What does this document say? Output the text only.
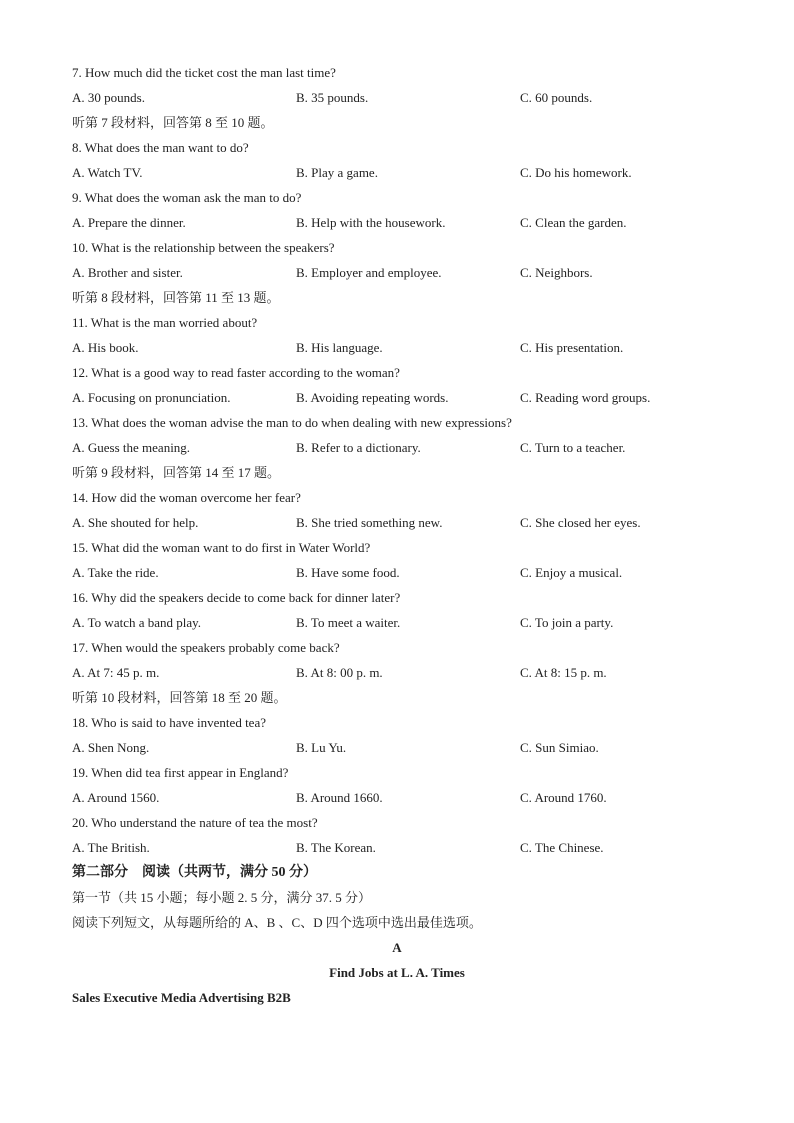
7. How much did the ticket cost the man last time?
A. 30 pounds.	B. 35 pounds.	C. 60 pounds.
听第 7 段材料，回答第 8 至 10 题。
8. What does the man want to do?
A. Watch TV.	B. Play a game.	C. Do his homework.
9. What does the woman ask the man to do?
A. Prepare the dinner.	B. Help with the housework.	C. Clean the garden.
10. What is the relationship between the speakers?
A. Brother and sister.	B. Employer and employee.	C. Neighbors.
听第 8 段材料，回答第 11 至 13 题。
11. What is the man worried about?
A. His book.	B. His language.	C. His presentation.
12. What is a good way to read faster according to the woman?
A. Focusing on pronunciation.	B. Avoiding repeating words.	C. Reading word groups.
13. What does the woman advise the man to do when dealing with new expressions?
A. Guess the meaning.	B. Refer to a dictionary.	C. Turn to a teacher.
听第 9 段材料，回答第 14 至 17 题。
14. How did the woman overcome her fear?
A. She shouted for help.	B. She tried something new.	C. She closed her eyes.
15. What did the woman want to do first in Water World?
A. Take the ride.	B. Have some food.	C. Enjoy a musical.
16. Why did the speakers decide to come back for dinner later?
A. To watch a band play.	B. To meet a waiter.	C. To join a party.
17. When would the speakers probably come back?
A. At 7: 45 p. m.	B. At 8: 00 p. m.	C. At 8: 15 p. m.
听第 10 段材料，回答第 18 至 20 题。
18. Who is said to have invented tea?
A. Shen Nong.	B. Lu Yu.	C. Sun Simiao.
19. When did tea first appear in England?
A. Around 1560.	B. Around 1660.	C. Around 1760.
20. Who understand the nature of tea the most?
A. The British.	B. The Korean.	C. The Chinese.
第二部分　阅读（共两节，满分 50 分）
第一节（共 15 小题；每小题 2. 5 分，满分 37. 5 分）
阅读下列短文，从每题所给的 A、B 、C、D 四个选项中选出最佳选项。
A
Find Jobs at L. A. Times
Sales Executive Media Advertising B2B
